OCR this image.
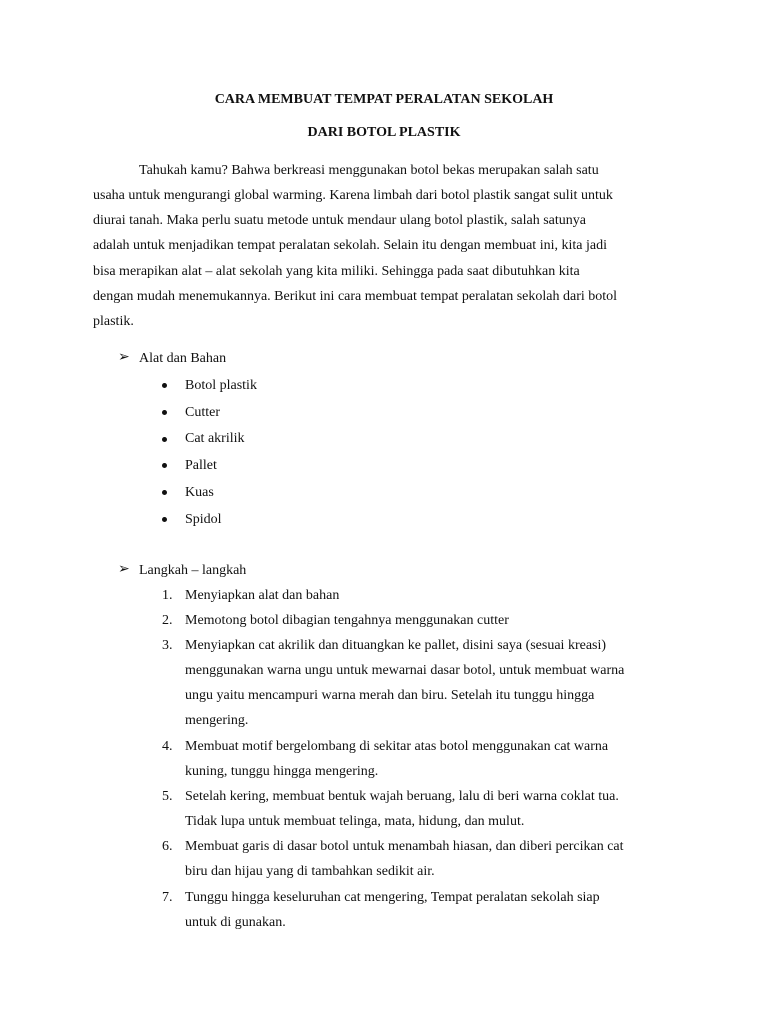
CARA MEMBUAT TEMPAT PERALATAN SEKOLAH
DARI BOTOL PLASTIK
Tahukah kamu? Bahwa berkreasi menggunakan botol bekas merupakan salah satu
usaha untuk mengurangi global warming. Karena limbah dari botol plastik sangat sulit untuk
diurai tanah. Maka perlu suatu metode untuk mendaur ulang botol plastik, salah satunya
adalah untuk menjadikan tempat peralatan sekolah. Selain itu dengan membuat ini, kita jadi
bisa merapikan alat – alat sekolah yang kita miliki. Sehingga pada saat dibutuhkan kita
dengan mudah menemukannya. Berikut ini cara membuat tempat peralatan sekolah dari botol
plastik.
➢ Alat dan Bahan
Botol plastik
Cutter
Cat akrilik
Pallet
Kuas
Spidol
➢ Langkah – langkah
1. Menyiapkan alat dan bahan
2. Memotong botol dibagian tengahnya menggunakan cutter
3. Menyiapkan cat akrilik dan dituangkan ke pallet, disini saya (sesuai kreasi)
menggunakan warna ungu untuk mewarnai dasar botol, untuk membuat warna
ungu yaitu mencampuri warna merah dan biru. Setelah itu tunggu hingga
mengering.
4. Membuat motif bergelombang di sekitar atas botol menggunakan cat warna
kuning, tunggu hingga mengering.
5. Setelah kering, membuat bentuk wajah beruang, lalu di beri warna coklat tua.
Tidak lupa untuk membuat telinga, mata, hidung, dan mulut.
6. Membuat garis di dasar botol untuk menambah hiasan, dan diberi percikan cat
biru dan hijau yang di tambahkan sedikit air.
7. Tunggu hingga keseluruhan cat mengering, Tempat peralatan sekolah siap
untuk di gunakan.
